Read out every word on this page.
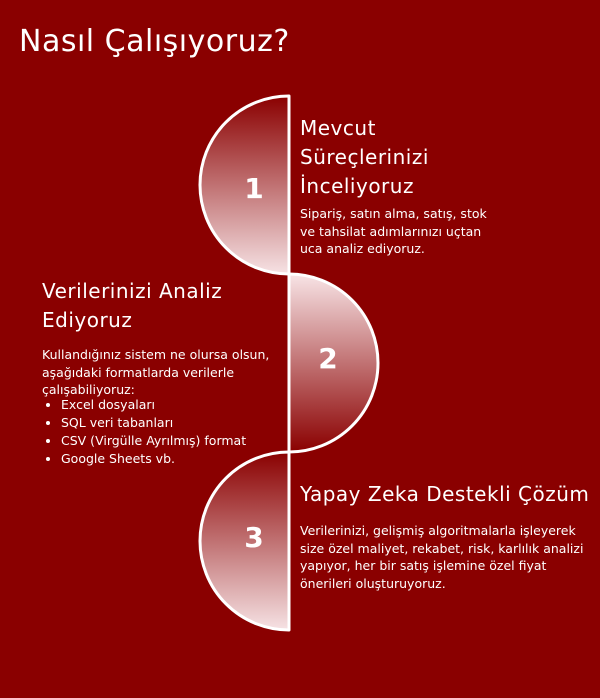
Nasıl Çalışıyoruz?
1
2
3
Mevcut
Süreçlerinizi
İnceliyoruz

Sipariş, satın alma, satış, stok
ve tahsilat adımlarınızı uçtan
uca analiz ediyoruz.

Verilerinizi Analiz
Ediyoruz

Kullandığınız sistem ne olursa olsun,
aşağıdaki formatlarda verilerle
çalışabiliyoruz:

• Excel dosyaları
• SQL veri tabanları
• CSV (Virgülle Ayrılmış) format
• Google Sheets vb.
Yapay Zeka Destekli Çözüm

Verilerinizi, gelişmiş algoritmalarla işleyerek
size özel maliyet, rekabet, risk, karlılık analizi
yapıyor, her bir satış işlemine özel fiyat
önerileri oluşturuyoruz.
